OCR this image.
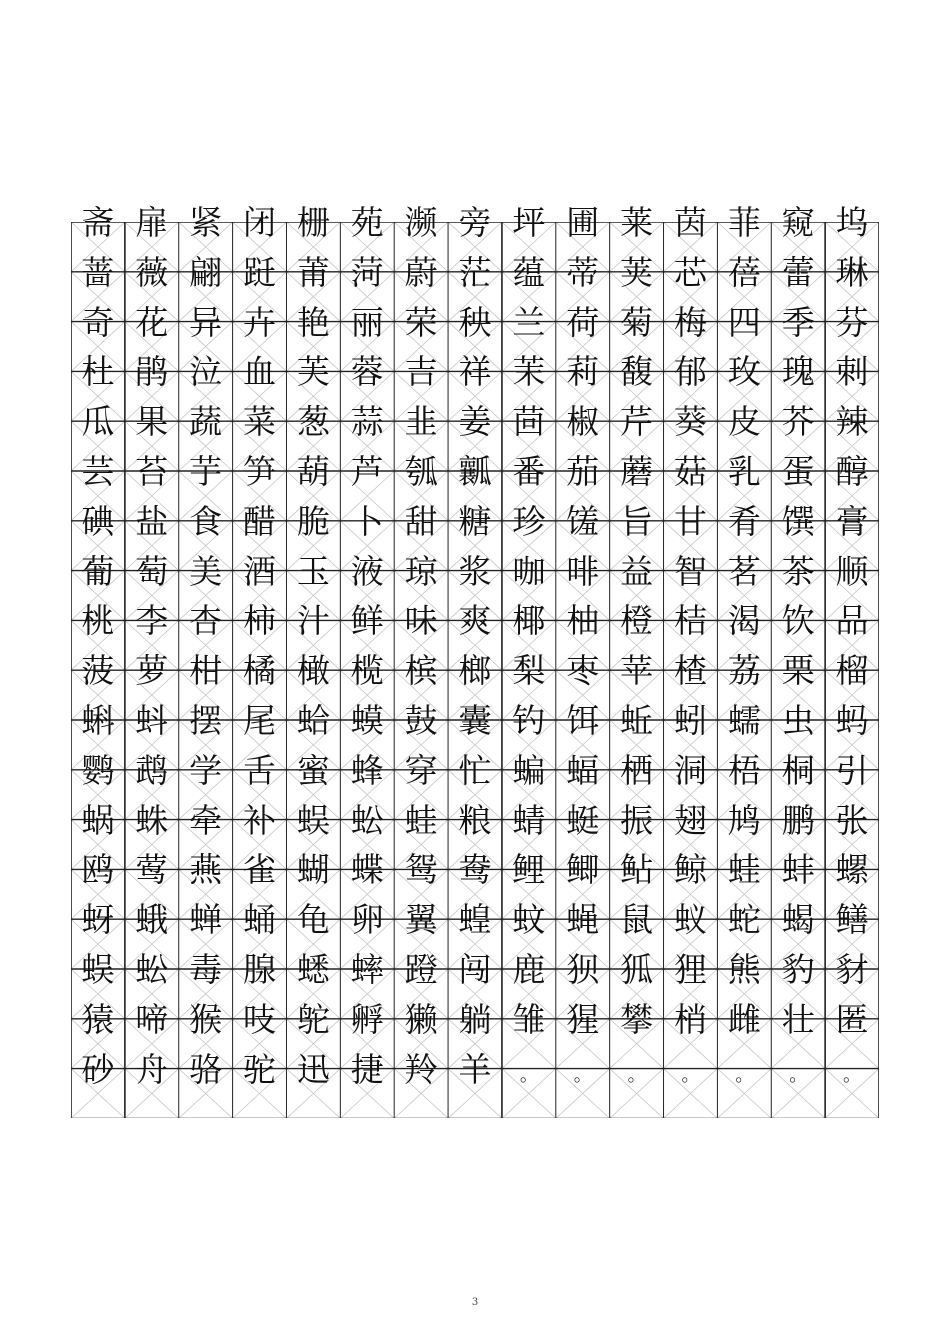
斋 扉 紧 闭 栅 苑 濒 旁 坪 圃 莱 茵 菲 窥 坞
蔷 薇 翩 跹 莆 菏 蔚 茫 蕴 蒂 荚 芯 蓓 蕾 琳
奇 花 异 卉 艳 丽 荣 秧 兰 荷 菊 梅 四 季 芬
杜 鹃 泣 血 芙 蓉 吉 祥 茉 莉 馥 郁 玫 瑰 刺
瓜 果 蔬 菜 葱 蒜 韭 姜 茴 椒 芹 葵 皮 芥 辣
芸 苔 芋 笋 葫 芦 瓠 瓤 番 茄 蘑 菇 乳 蛋 醇
碘 盐 食 醋 脆 卜 甜 糖 珍 馐 旨 甘 肴 馔 膏
葡 萄 美 酒 玉 液 琼 浆 咖 啡 益 智 茗 茶 顺
桃 李 杏 柿 汁 鲜 味 爽 椰 柚 橙 桔 渴 饮 品
菠 萝 柑 橘 橄 榄 槟 榔 梨 枣 苹 楂 荔 栗 榴
蝌 蚪 摆 尾 蛤 蟆 鼓 囊 钓 饵 蚯 蚓 蠕 虫 蚂
鹦 鹉 学 舌 蜜 蜂 穿 忙 蝙 蝠 栖 洞 梧 桐 引
蜗 蛛 牵 补 蜈 蚣 蛙 粮 蜻 蜓 振 翅 鸠 鹏 张
鸥 莺 燕 雀 蝴 蝶 鸳 鸯 鲤 鲫 鲇 鲸 蛙 蚌 螺
蚜 蛾 蝉 蛹 龟 卵 翼 蝗 蚊 蝇 鼠 蚁 蛇 蝎 鳝
蜈 蚣 毒 腺 蟋 蟀 蹬 闯 鹿 狈 狐 狸 熊 豹 豺
猿 啼 猴 吱 鸵 孵 獭 躺 雏 猩 攀 梢 雌 壮 匿
砂 舟 骆 驼 迅 捷 羚 羊	。	。	。	。	。	。	。
3
